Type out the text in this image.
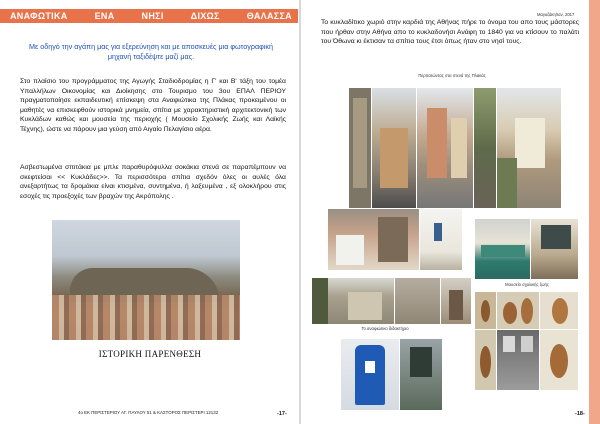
ΑΝΑΦΩΤΙΚΑ	ΕΝΑ	ΝΗΣΙ	ΔΙΧΩΣ	ΘΑΛΑΣΣΑ

Με οδηγό την αγάπη μας για εξερεύνηση και με αποσκευές μια φωτογραφική μηχανή ταξιδέψτε μαζί μας.

Στο πλαίσιο του προγράμματος της Αγωγής Σταδιοδρομίας η Γ' και Β' τάξη του τομέα Υπαλλήλων Οικονομίας και Διοίκησης στο Τουρισμο του 3ου ΕΠΑΛ ΠΕΡΙΟΥ πραγματοποίησε εκπαιδευτική επίσκεψη στα Αναφιώτικα της Πλάκας προκειμένου οι μαθητές να επισκεφθούν ιστορικά μνημεία, σπίτια με χαρακτηριστική αρχιτεκτονική των Κυκλάδων καθώς και μουσεία της περιοχής ( Μουσείο Σχολικής Ζωής και Λαϊκής Τέχνης), ώστε να πάρουν μια γεύση από Αιγαίο Πελαγίσιο αέρα.

Ασβεστωμένα σπιτάκια με μπλε παραθυρόφυλλα σοκάκια στενά σε παραπέμπουν να σκεφτείσαι << Κυκλάδες>>. Τα περισσότερα σπίτια σχεδόν όλες οι αυλές όλα ανεξαρτήτως τα δρομάκια είναι κτισμένα, συντημένα, ή λαξευμένα , εξ ολοκλήρου στις εσοχές τις προεξοχές των βραχών της Ακρόπολης .

ΙΣΤΟΡΙΚΗ ΠΑΡΕΝΘΕΣΗ
4ο ΕΚ ΠΕΡΙΣΤΕΡΙΟΥ ΑΓ. ΠΑΥΛΟΥ 51 & ΚΑΣΤΟΡΟΣ ΠΕΡΙΣΤΕΡΙ 12132	-17-
Μαγαζάκη/Ιαν, 2017
Το κυκλαδίτικο χωριό στην καρδιά της Αθήνας πήρε το όνομα του απο τους μάστορες που ήρθαν στην Αθήνα απο το κυκλαδονήσι Ανάφη το 1840 για να κτίσουν το παλάτι του Όθωνα κι έκτισαν τα σπίτια τους έτσι όπως ήταν στο νησί τους.
Περπατώντας στα στενά της Πλακάς
Μουσείο σχολικής ζωής
Το αναφιώτικο διδακτήριο
-18-
